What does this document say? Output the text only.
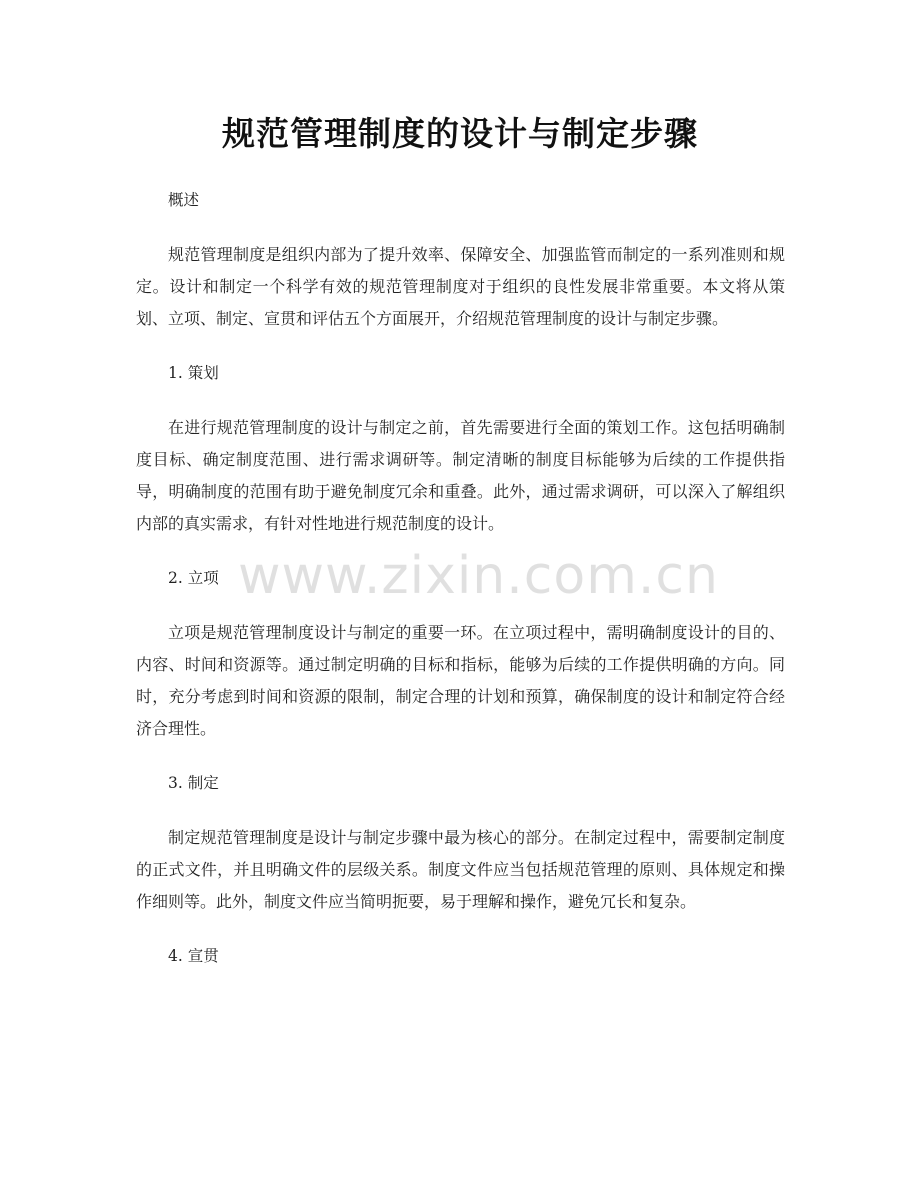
规范管理制度的设计与制定步骤

概述

规范管理制度是组织内部为了提升效率、保障安全、加强监管而制定的一系列准则和规定。设计和制定一个科学有效的规范管理制度对于组织的良性发展非常重要。本文将从策划、立项、制定、宣贯和评估五个方面展开，介绍规范管理制度的设计与制定步骤。

1. 策划

在进行规范管理制度的设计与制定之前，首先需要进行全面的策划工作。这包括明确制度目标、确定制度范围、进行需求调研等。制定清晰的制度目标能够为后续的工作提供指导，明确制度的范围有助于避免制度冗余和重叠。此外，通过需求调研，可以深入了解组织内部的真实需求，有针对性地进行规范制度的设计。

2. 立项

立项是规范管理制度设计与制定的重要一环。在立项过程中，需明确制度设计的目的、内容、时间和资源等。通过制定明确的目标和指标，能够为后续的工作提供明确的方向。同时，充分考虑到时间和资源的限制，制定合理的计划和预算，确保制度的设计和制定符合经济合理性。

3. 制定

制定规范管理制度是设计与制定步骤中最为核心的部分。在制定过程中，需要制定制度的正式文件，并且明确文件的层级关系。制度文件应当包括规范管理的原则、具体规定和操作细则等。此外，制度文件应当简明扼要，易于理解和操作，避免冗长和复杂。

4. 宣贯

www.zixin.com.cn
